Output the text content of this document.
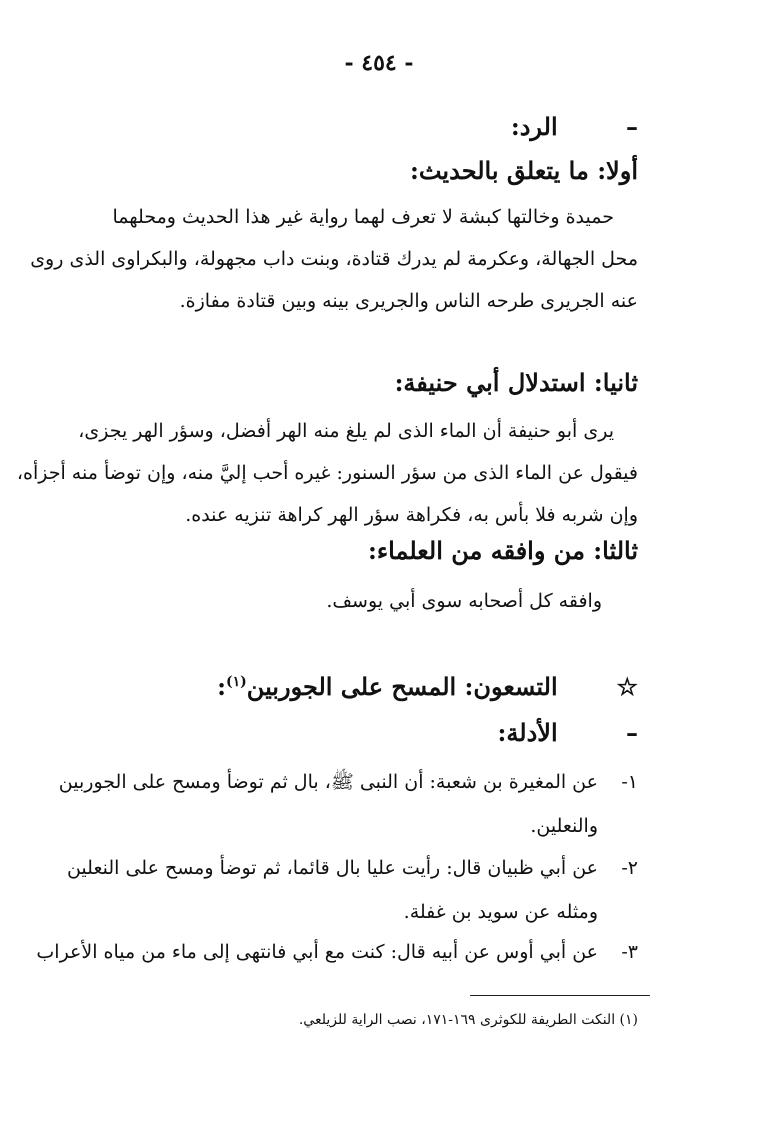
- ٤٥٤ -
– الرد:
أولا: ما يتعلق بالحديث:
حميدة وخالتها كبشة لا تعرف لهما رواية غير هذا الحديث ومحلهما
محل الجهالة، وعكرمة لم يدرك قتادة، وبنت داب مجهولة، والبكراوى الذى روى
عنه الجريرى طرحه الناس والجريرى بينه وبين قتادة مفازة.
ثانيا: استدلال أبي حنيفة:
يرى أبو حنيفة أن الماء الذى لم يلغ منه الهر أفضل، وسؤر الهر يجزى،
فيقول عن الماء الذى من سؤر السنور: غيره أحب إليَّ منه، وإن توضأ منه أجزأه،
وإن شربه فلا بأس به، فكراهة سؤر الهر كراهة تنزيه عنده.
ثالثا: من وافقه من العلماء:
وافقه كل أصحابه سوى أبي يوسف.
☆ التسعون: المسح على الجوربين$^{(١)}$:
– الأدلة:
١-عن المغيرة بن شعبة: أن النبى ﷺ، بال ثم توضأ ومسح على الجوربين
والنعلين.
٢-عن أبي ظبيان قال: رأيت عليا بال قائما، ثم توضأ ومسح على النعلين
ومثله عن سويد بن غفلة.
٣-عن أبي أوس عن أبيه قال: كنت مع أبي فانتهى إلى ماء من مياه الأعراب
(١) النكت الطريفة للكوثرى ١٦٩-١٧١، نصب الراية للزيلعي.
